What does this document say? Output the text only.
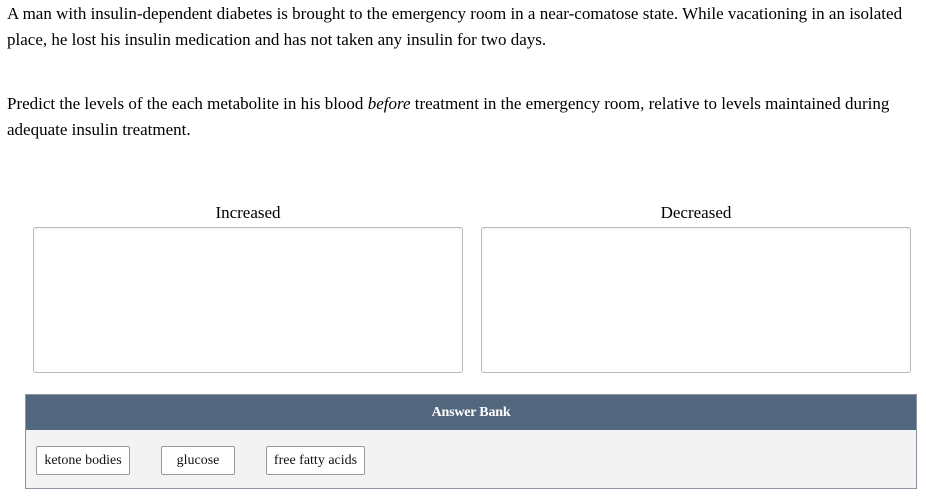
A man with insulin-dependent diabetes is brought to the emergency room in a near-comatose state. While vacationing in an isolated place, he lost his insulin medication and has not taken any insulin for two days.

Predict the levels of the each metabolite in his blood before treatment in the emergency room, relative to levels maintained during adequate insulin treatment.

Increased	Decreased
Answer Bank
ketone bodies	glucose	free fatty acids
